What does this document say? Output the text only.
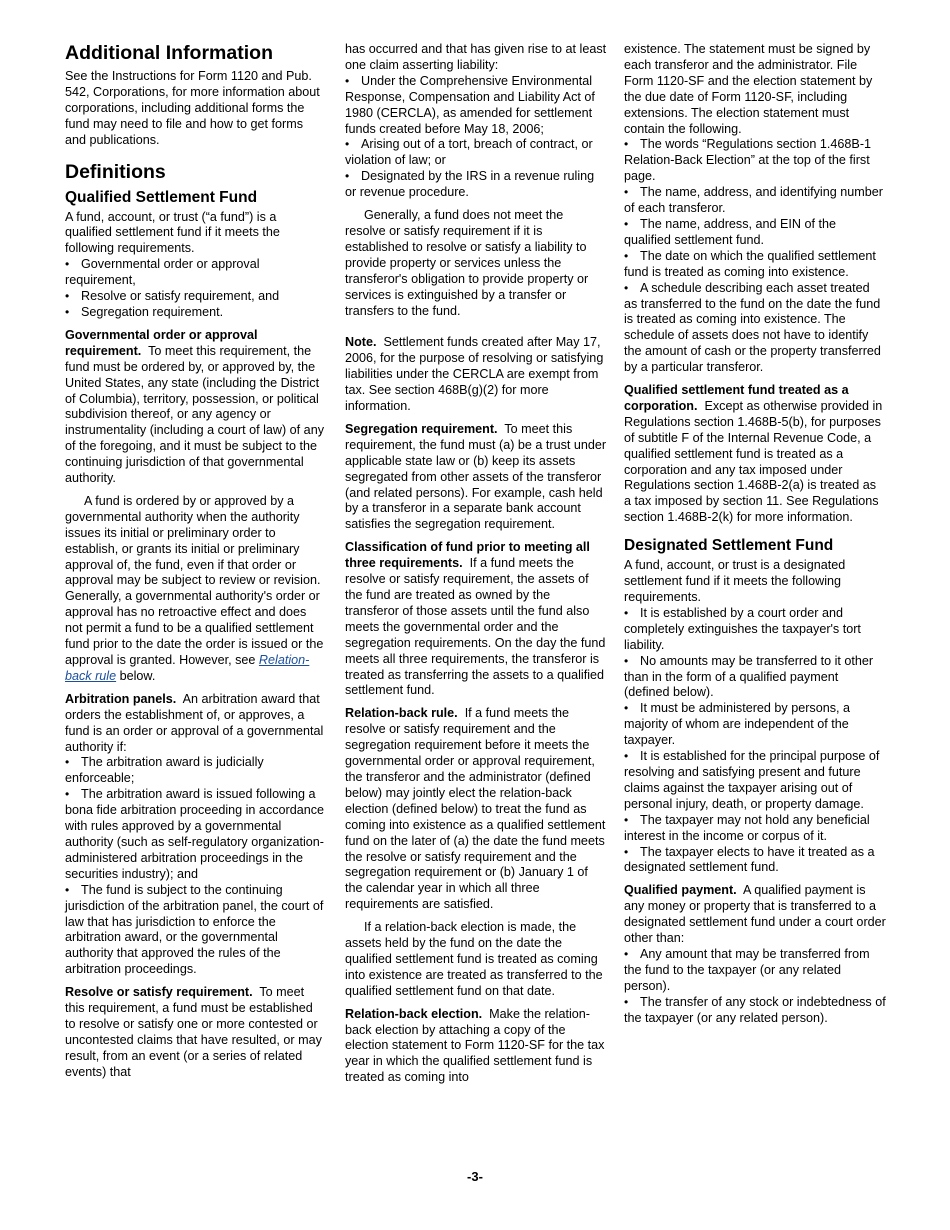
Additional Information

See the Instructions for Form 1120 and Pub. 542, Corporations, for more information about corporations, including additional forms the fund may need to file and how to get forms and publications.

Definitions
Qualified Settlement Fund

A fund, account, or trust (“a fund”) is a qualified settlement fund if it meets the following requirements.

• Governmental order or approval requirement,
• Resolve or satisfy requirement, and
• Segregation requirement.

Governmental order or approval requirement. To meet this requirement, the fund must be ordered by, or approved by, the United States, any state (including the District of Columbia), territory, possession, or political subdivision thereof, or any agency or instrumentality (including a court of law) of any of the foregoing, and it must be subject to the continuing jurisdiction of that governmental authority.

A fund is ordered by or approved by a governmental authority when the authority issues its initial or preliminary order to establish, or grants its initial or preliminary approval of, the fund, even if that order or approval may be subject to review or revision. Generally, a governmental authority's order or approval has no retroactive effect and does not permit a fund to be a qualified settlement fund prior to the date the order is issued or the approval is granted. However, see Relation-back rule below.

Arbitration panels. An arbitration award that orders the establishment of, or approves, a fund is an order or approval of a governmental authority if:

• The arbitration award is judicially enforceable;
• The arbitration award is issued following a bona fide arbitration proceeding in accordance with rules approved by a governmental authority (such as self-regulatory organization-administered arbitration proceedings in the securities industry); and
• The fund is subject to the continuing jurisdiction of the arbitration panel, the court of law that has jurisdiction to enforce the arbitration award, or the governmental authority that approved the rules of the arbitration proceedings.

Resolve or satisfy requirement. To meet this requirement, a fund must be established to resolve or satisfy one or more contested or uncontested claims that have resulted, or may result, from an event (or a series of related events) that

has occurred and that has given rise to at least one claim asserting liability:

• Under the Comprehensive Environmental Response, Compensation and Liability Act of 1980 (CERCLA), as amended for settlement funds created before May 18, 2006;
• Arising out of a tort, breach of contract, or violation of law; or
• Designated by the IRS in a revenue ruling or revenue procedure.

Generally, a fund does not meet the resolve or satisfy requirement if it is established to resolve or satisfy a liability to provide property or services unless the transferor's obligation to provide property or services is extinguished by a transfer or transfers to the fund.

Note. Settlement funds created after May 17, 2006, for the purpose of resolving or satisfying liabilities under the CERCLA are exempt from tax. See section 468B(g)(2) for more information.

Segregation requirement. To meet this requirement, the fund must (a) be a trust under applicable state law or (b) keep its assets segregated from other assets of the transferor (and related persons). For example, cash held by a transferor in a separate bank account satisfies the segregation requirement.

Classification of fund prior to meeting all three requirements. If a fund meets the resolve or satisfy requirement, the assets of the fund are treated as owned by the transferor of those assets until the fund also meets the governmental order and the segregation requirements. On the day the fund meets all three requirements, the transferor is treated as transferring the assets to a qualified settlement fund.

Relation-back rule. If a fund meets the resolve or satisfy requirement and the segregation requirement before it meets the governmental order or approval requirement, the transferor and the administrator (defined below) may jointly elect the relation-back election (defined below) to treat the fund as coming into existence as a qualified settlement fund on the later of (a) the date the fund meets the resolve or satisfy requirement and the segregation requirement or (b) January 1 of the calendar year in which all three requirements are satisfied.

If a relation-back election is made, the assets held by the fund on the date the qualified settlement fund is treated as coming into existence are treated as transferred to the qualified settlement fund on that date.

Relation-back election. Make the relation-back election by attaching a copy of the election statement to Form 1120-SF for the tax year in which the qualified settlement fund is treated as coming into

existence. The statement must be signed by each transferor and the administrator. File Form 1120-SF and the election statement by the due date of Form 1120-SF, including extensions. The election statement must contain the following.

• The words “Regulations section 1.468B-1 Relation-Back Election” at the top of the first page.
• The name, address, and identifying number of each transferor.
• The name, address, and EIN of the qualified settlement fund.
• The date on which the qualified settlement fund is treated as coming into existence.
• A schedule describing each asset treated as transferred to the fund on the date the fund is treated as coming into existence. The schedule of assets does not have to identify the amount of cash or the property transferred by a particular transferor.

Qualified settlement fund treated as a corporation. Except as otherwise provided in Regulations section 1.468B-5(b), for purposes of subtitle F of the Internal Revenue Code, a qualified settlement fund is treated as a corporation and any tax imposed under Regulations section 1.468B-2(a) is treated as a tax imposed by section 11. See Regulations section 1.468B-2(k) for more information.

Designated Settlement Fund

A fund, account, or trust is a designated settlement fund if it meets the following requirements.

• It is established by a court order and completely extinguishes the taxpayer's tort liability.
• No amounts may be transferred to it other than in the form of a qualified payment (defined below).
• It must be administered by persons, a majority of whom are independent of the taxpayer.
• It is established for the principal purpose of resolving and satisfying present and future claims against the taxpayer arising out of personal injury, death, or property damage.
• The taxpayer may not hold any beneficial interest in the income or corpus of it.
• The taxpayer elects to have it treated as a designated settlement fund.

Qualified payment. A qualified payment is any money or property that is transferred to a designated settlement fund under a court order other than:

• Any amount that may be transferred from the fund to the taxpayer (or any related person).
• The transfer of any stock or indebtedness of the taxpayer (or any related person).
-3-
